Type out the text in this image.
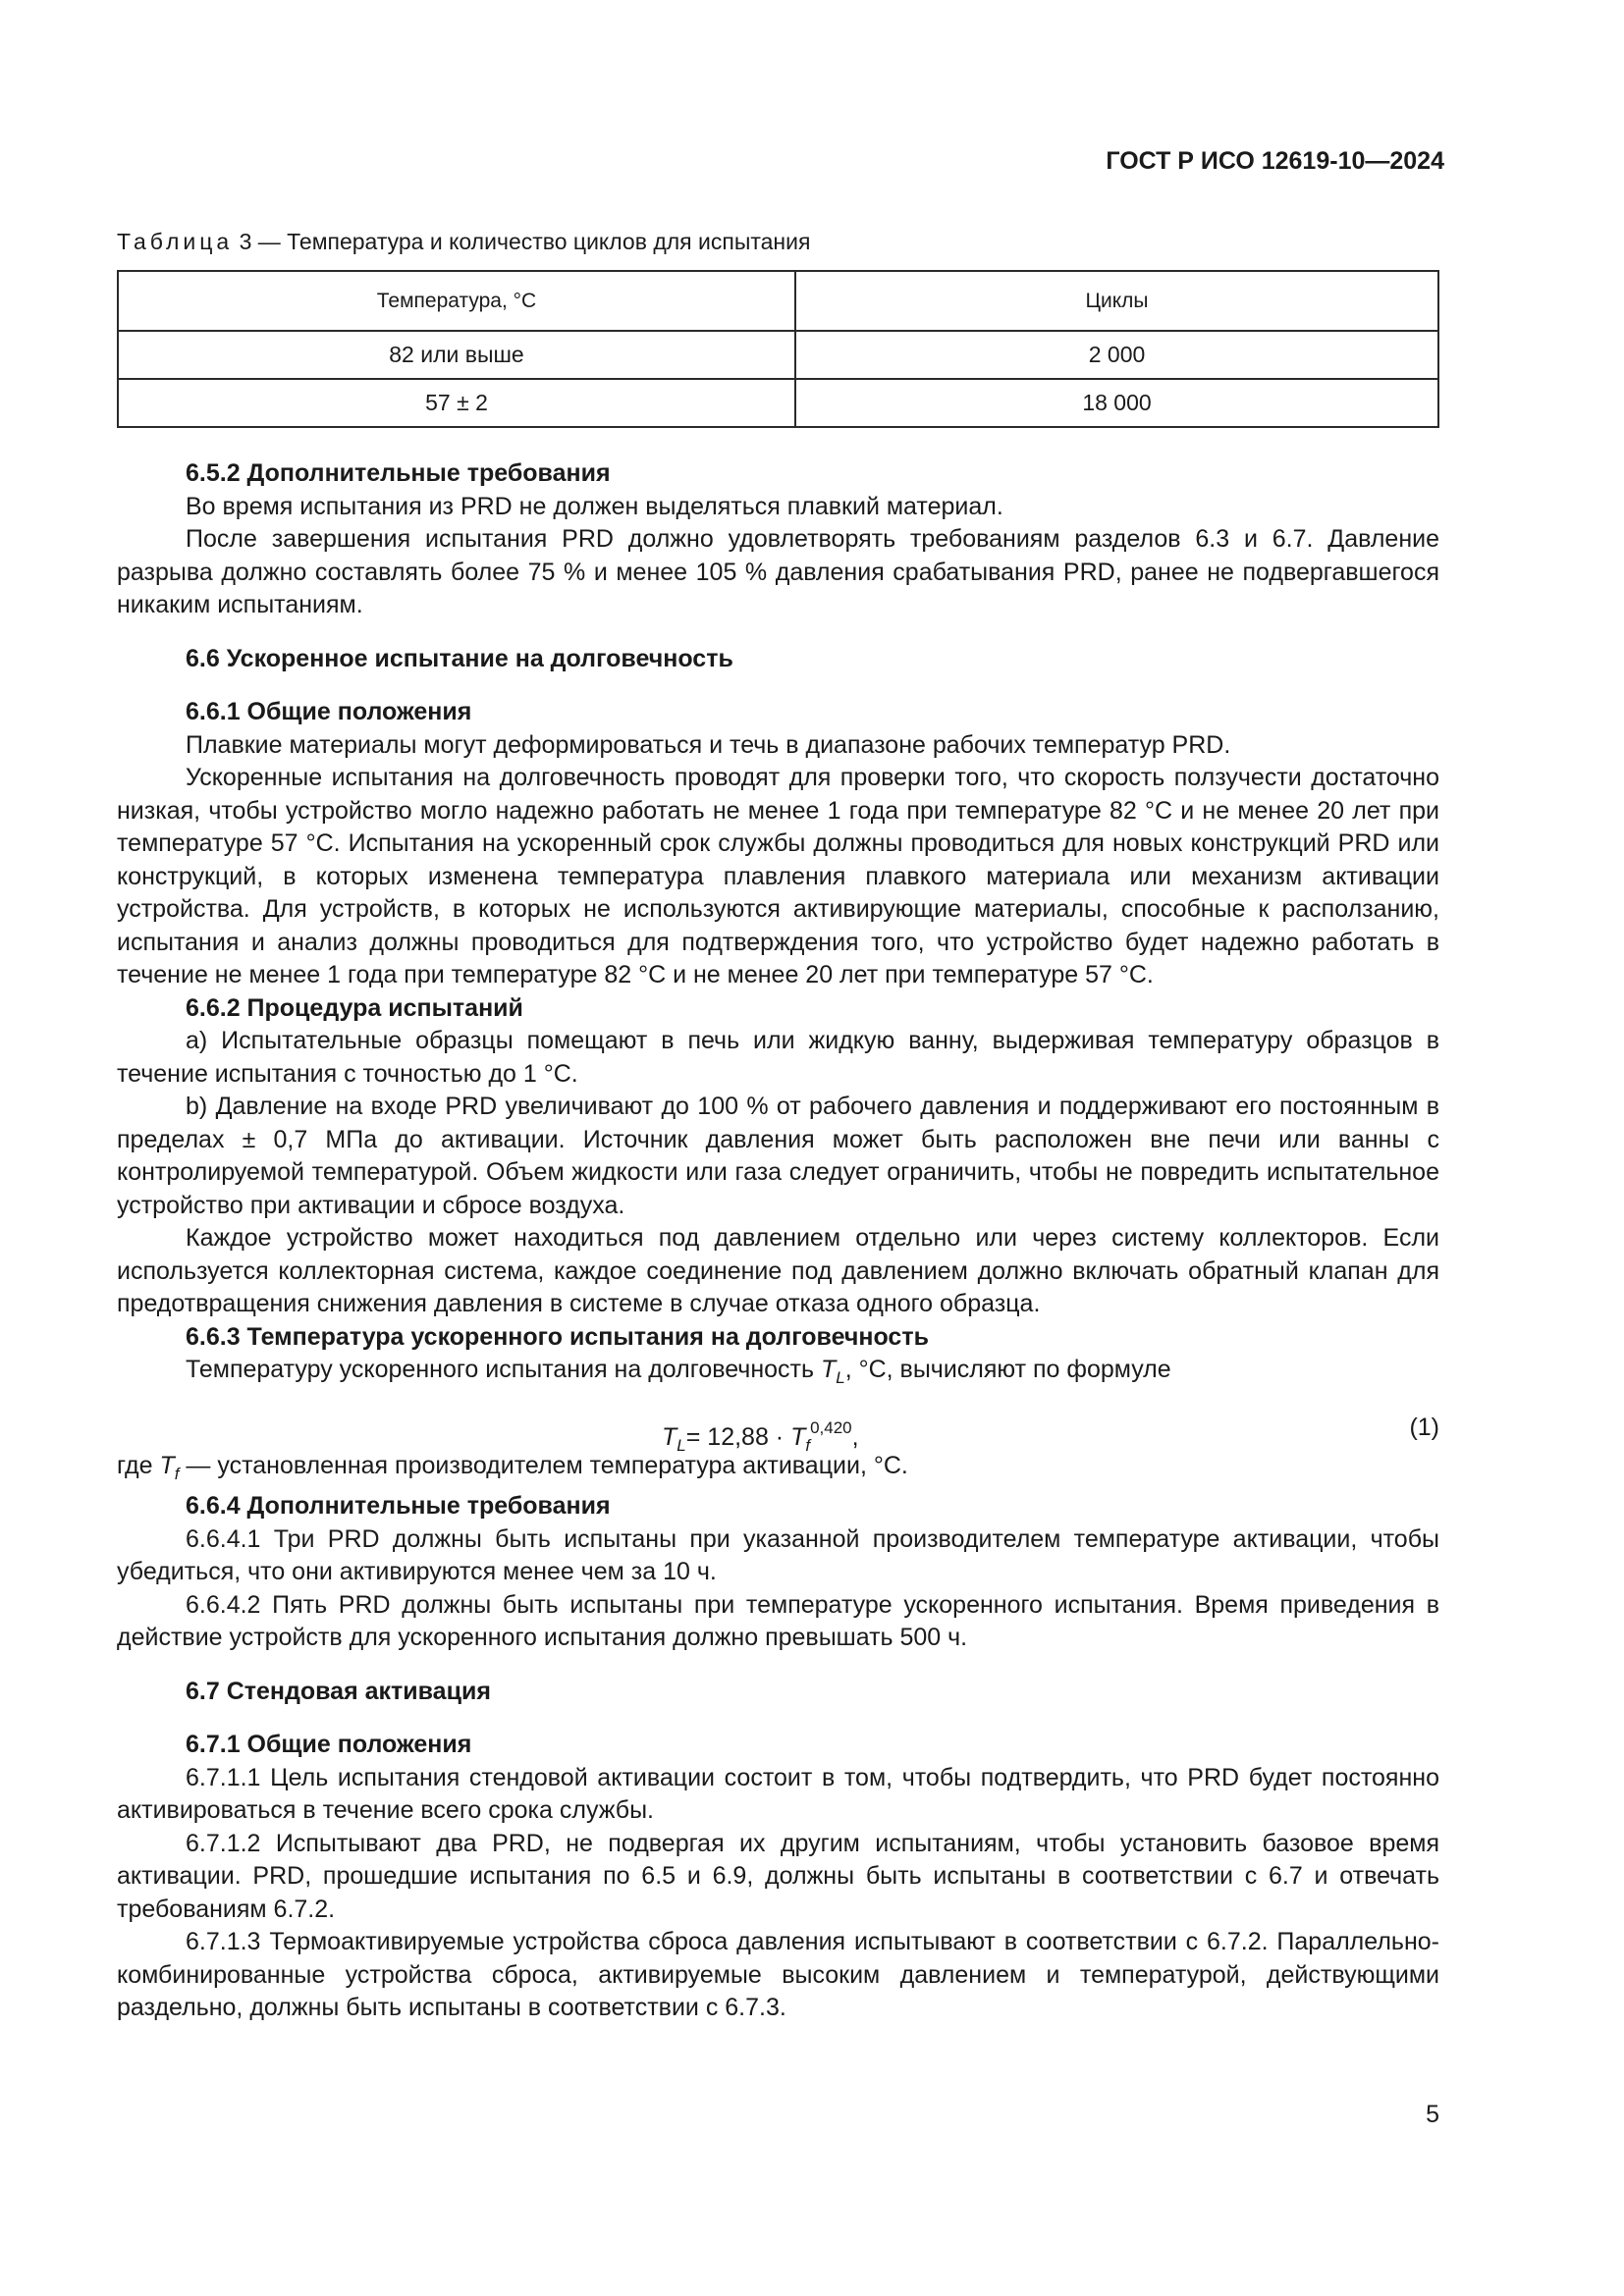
ГОСТ Р ИСО 12619-10—2024
Таблица 3 — Температура и количество циклов для испытания
Температура, °C	Циклы
82 или выше	2 000
57 ± 2	18 000
6.5.2 Дополнительные требования

Во время испытания из PRD не должен выделяться плавкий материал.

После завершения испытания PRD должно удовлетворять требованиям разделов 6.3 и 6.7. Давление разрыва должно составлять более 75 % и менее 105 % давления срабатывания PRD, ранее не подвергавшегося никаким испытаниям.

6.6 Ускоренное испытание на долговечность
6.6.1 Общие положения

Плавкие материалы могут деформироваться и течь в диапазоне рабочих температур PRD.

Ускоренные испытания на долговечность проводят для проверки того, что скорость ползучести достаточно низкая, чтобы устройство могло надежно работать не менее 1 года при температуре 82 °C и не менее 20 лет при температуре 57 °C. Испытания на ускоренный срок службы должны проводиться для новых конструкций PRD или конструкций, в которых изменена температура плавления плавкого материала или механизм активации устройства. Для устройств, в которых не используются активирующие материалы, способные к расползанию, испытания и анализ должны проводиться для подтверждения того, что устройство будет надежно работать в течение не менее 1 года при температуре 82 °C и не менее 20 лет при температуре 57 °C.

6.6.2 Процедура испытаний

a) Испытательные образцы помещают в печь или жидкую ванну, выдерживая температуру образцов в течение испытания с точностью до 1 °C.

b) Давление на входе PRD увеличивают до 100 % от рабочего давления и поддерживают его постоянным в пределах ± 0,7 МПа до активации. Источник давления может быть расположен вне печи или ванны с контролируемой температурой. Объем жидкости или газа следует ограничить, чтобы не повредить испытательное устройство при активации и сбросе воздуха.

Каждое устройство может находиться под давлением отдельно или через систему коллекторов. Если используется коллекторная система, каждое соединение под давлением должно включать обратный клапан для предотвращения снижения давления в системе в случае отказа одного образца.

6.6.3 Температура ускоренного испытания на долговечность

Температуру ускоренного испытания на долговечность $T_L$, °C, вычисляют по формуле

$T_L= 12,88 \cdot T_f^{0,420}$,	(1)

где $T_f$ — установленная производителем температура активации, °C.

6.6.4 Дополнительные требования

6.6.4.1 Три PRD должны быть испытаны при указанной производителем температуре активации, чтобы убедиться, что они активируются менее чем за 10 ч.

6.6.4.2 Пять PRD должны быть испытаны при температуре ускоренного испытания. Время приведения в действие устройств для ускоренного испытания должно превышать 500 ч.

6.7 Стендовая активация
6.7.1 Общие положения

6.7.1.1 Цель испытания стендовой активации состоит в том, чтобы подтвердить, что PRD будет постоянно активироваться в течение всего срока службы.

6.7.1.2 Испытывают два PRD, не подвергая их другим испытаниям, чтобы установить базовое время активации. PRD, прошедшие испытания по 6.5 и 6.9, должны быть испытаны в соответствии с 6.7 и отвечать требованиям 6.7.2.

6.7.1.3 Термоактивируемые устройства сброса давления испытывают в соответствии с 6.7.2. Параллельно-комбинированные устройства сброса, активируемые высоким давлением и температурой, действующими раздельно, должны быть испытаны в соответствии с 6.7.3.

5
